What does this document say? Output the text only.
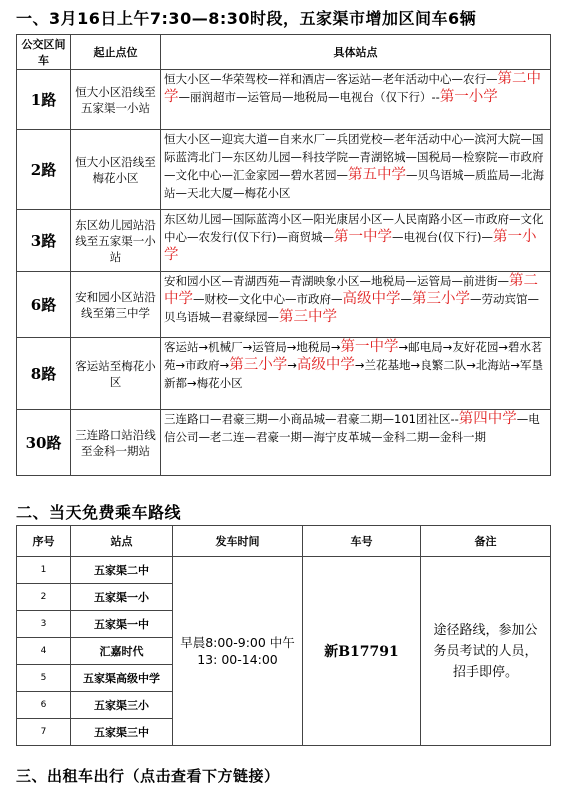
一、3月16日上午7:30—8:30时段，五家渠市增加区间车6辆
公交区间车	起止点位	具体站点
1路	恒大小区沿线至五家渠一小站	恒大小区—华荣驾校—祥和酒店—客运站—老年活动中心—农行—第二中学—丽润超市—运管局—地税局—电视台（仅下行）--第一小学
2路	恒大小区沿线至梅花小区	恒大小区—迎宾大道—自来水厂—兵团党校—老年活动中心—滨河大院—国际蓝湾北门—东区幼儿园—科技学院—青湖铭城—国税局—检察院—市政府—文化中心—汇金家园—碧水茗园—第五中学—贝鸟语城—质监局—北海站—天北大厦—梅花小区
3路	东区幼儿园站沿线至五家渠一小站	东区幼儿园—国际蓝湾小区—阳光康居小区—人民南路小区—市政府—文化中心—农发行(仅下行)—商贸城—第一中学—电视台(仅下行)—第一小学
6路	安和园小区站沿线至第三中学	安和园小区—青湖西苑—青湖映象小区—地税局—运管局—前进街—第二中学—财校—文化中心—市政府—高级中学—第三小学—劳动宾馆—贝乌语城—君豪绿园—第三中学
8路	客运站至梅花小区	客运站→机械厂→运管局→地税局→第一中学→邮电局→友好花园→碧水茗苑→市政府→第三小学→高级中学→兰花基地→良繁二队→北海站→军垦新都→梅花小区
30路	三连路口站沿线至金科一期站	三连路口—君豪三期—小商品城—君豪二期—101团社区--第四中学—电信公司—老二连—君豪一期—海宁皮革城—金科二期—金科一期
二、当天免费乘车路线
序号	站点	发车时间	车号	备注
1	五家渠二中	早晨8:00-9:00 中午13: 00-14:00	新B17791	途径路线，参加公务员考试的人员，招手即停。
2	五家渠一小			
3	五家渠一中			
4	汇嘉时代			
5	五家渠高级中学			
6	五家渠三小			
7	五家渠三中			
三、出租车出行（点击查看下方链接）
